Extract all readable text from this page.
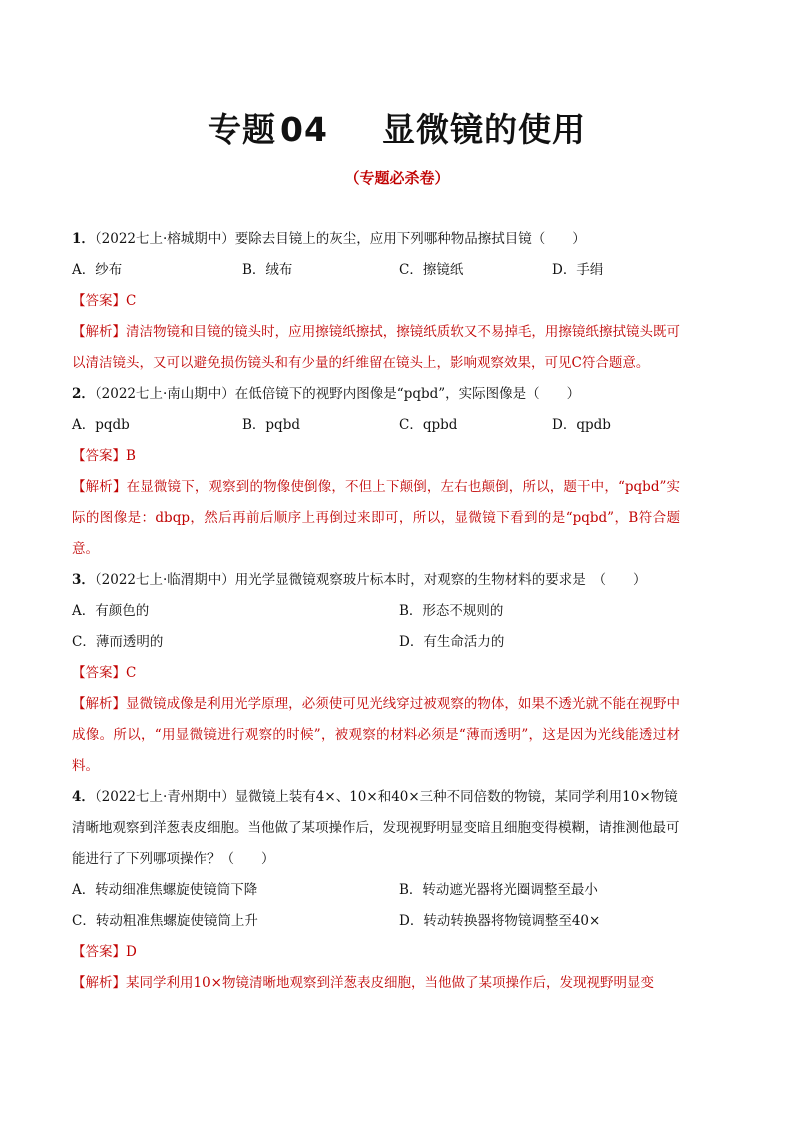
专题 04 显微镜的使用
（专题必杀卷）
1．（2022七上·榕城期中）要除去目镜上的灰尘，应用下列哪种物品擦拭目镜（　　）
A．纱布	B．绒布	C．擦镜纸	D．手绢
【答案】C
【解析】清洁物镜和目镜的镜头时，应用擦镜纸擦拭，擦镜纸质软又不易掉毛，用擦镜纸擦拭镜头既可以清洁镜头，又可以避免损伤镜头和有少量的纤维留在镜头上，影响观察效果，可见C符合题意。
2．（2022七上·南山期中）在低倍镜下的视野内图像是“pqbd”，实际图像是（　　）
A．pqdb	B．pqbd	C．qpbd	D．qpdb
【答案】B
【解析】在显微镜下，观察到的物像使倒像，不但上下颠倒，左右也颠倒，所以，题干中，“pqbd”实际的图像是：dbqp，然后再前后顺序上再倒过来即可，所以，显微镜下看到的是“pqbd”，B符合题意。
3．（2022七上·临渭期中）用光学显微镜观察玻片标本时，对观察的生物材料的要求是　（　　）
A．有颜色的	B．形态不规则的
C．薄而透明的	D．有生命活力的
【答案】C
【解析】显微镜成像是利用光学原理，必须使可见光线穿过被观察的物体，如果不透光就不能在视野中成像。所以，“用显微镜进行观察的时候”，被观察的材料必须是“薄而透明”，这是因为光线能透过材料。
4．（2022七上·青州期中）显微镜上装有4×、10×和40×三种不同倍数的物镜，某同学利用10×物镜清晰地观察到洋葱表皮细胞。当他做了某项操作后，发现视野明显变暗且细胞变得模糊，请推测他最可能进行了下列哪项操作？（　　）
A．转动细准焦螺旋使镜筒下降	B．转动遮光器将光圈调整至最小
C．转动粗准焦螺旋使镜筒上升	D．转动转换器将物镜调整至40×
【答案】D
【解析】某同学利用10×物镜清晰地观察到洋葱表皮细胞，当他做了某项操作后，发现视野明显变
